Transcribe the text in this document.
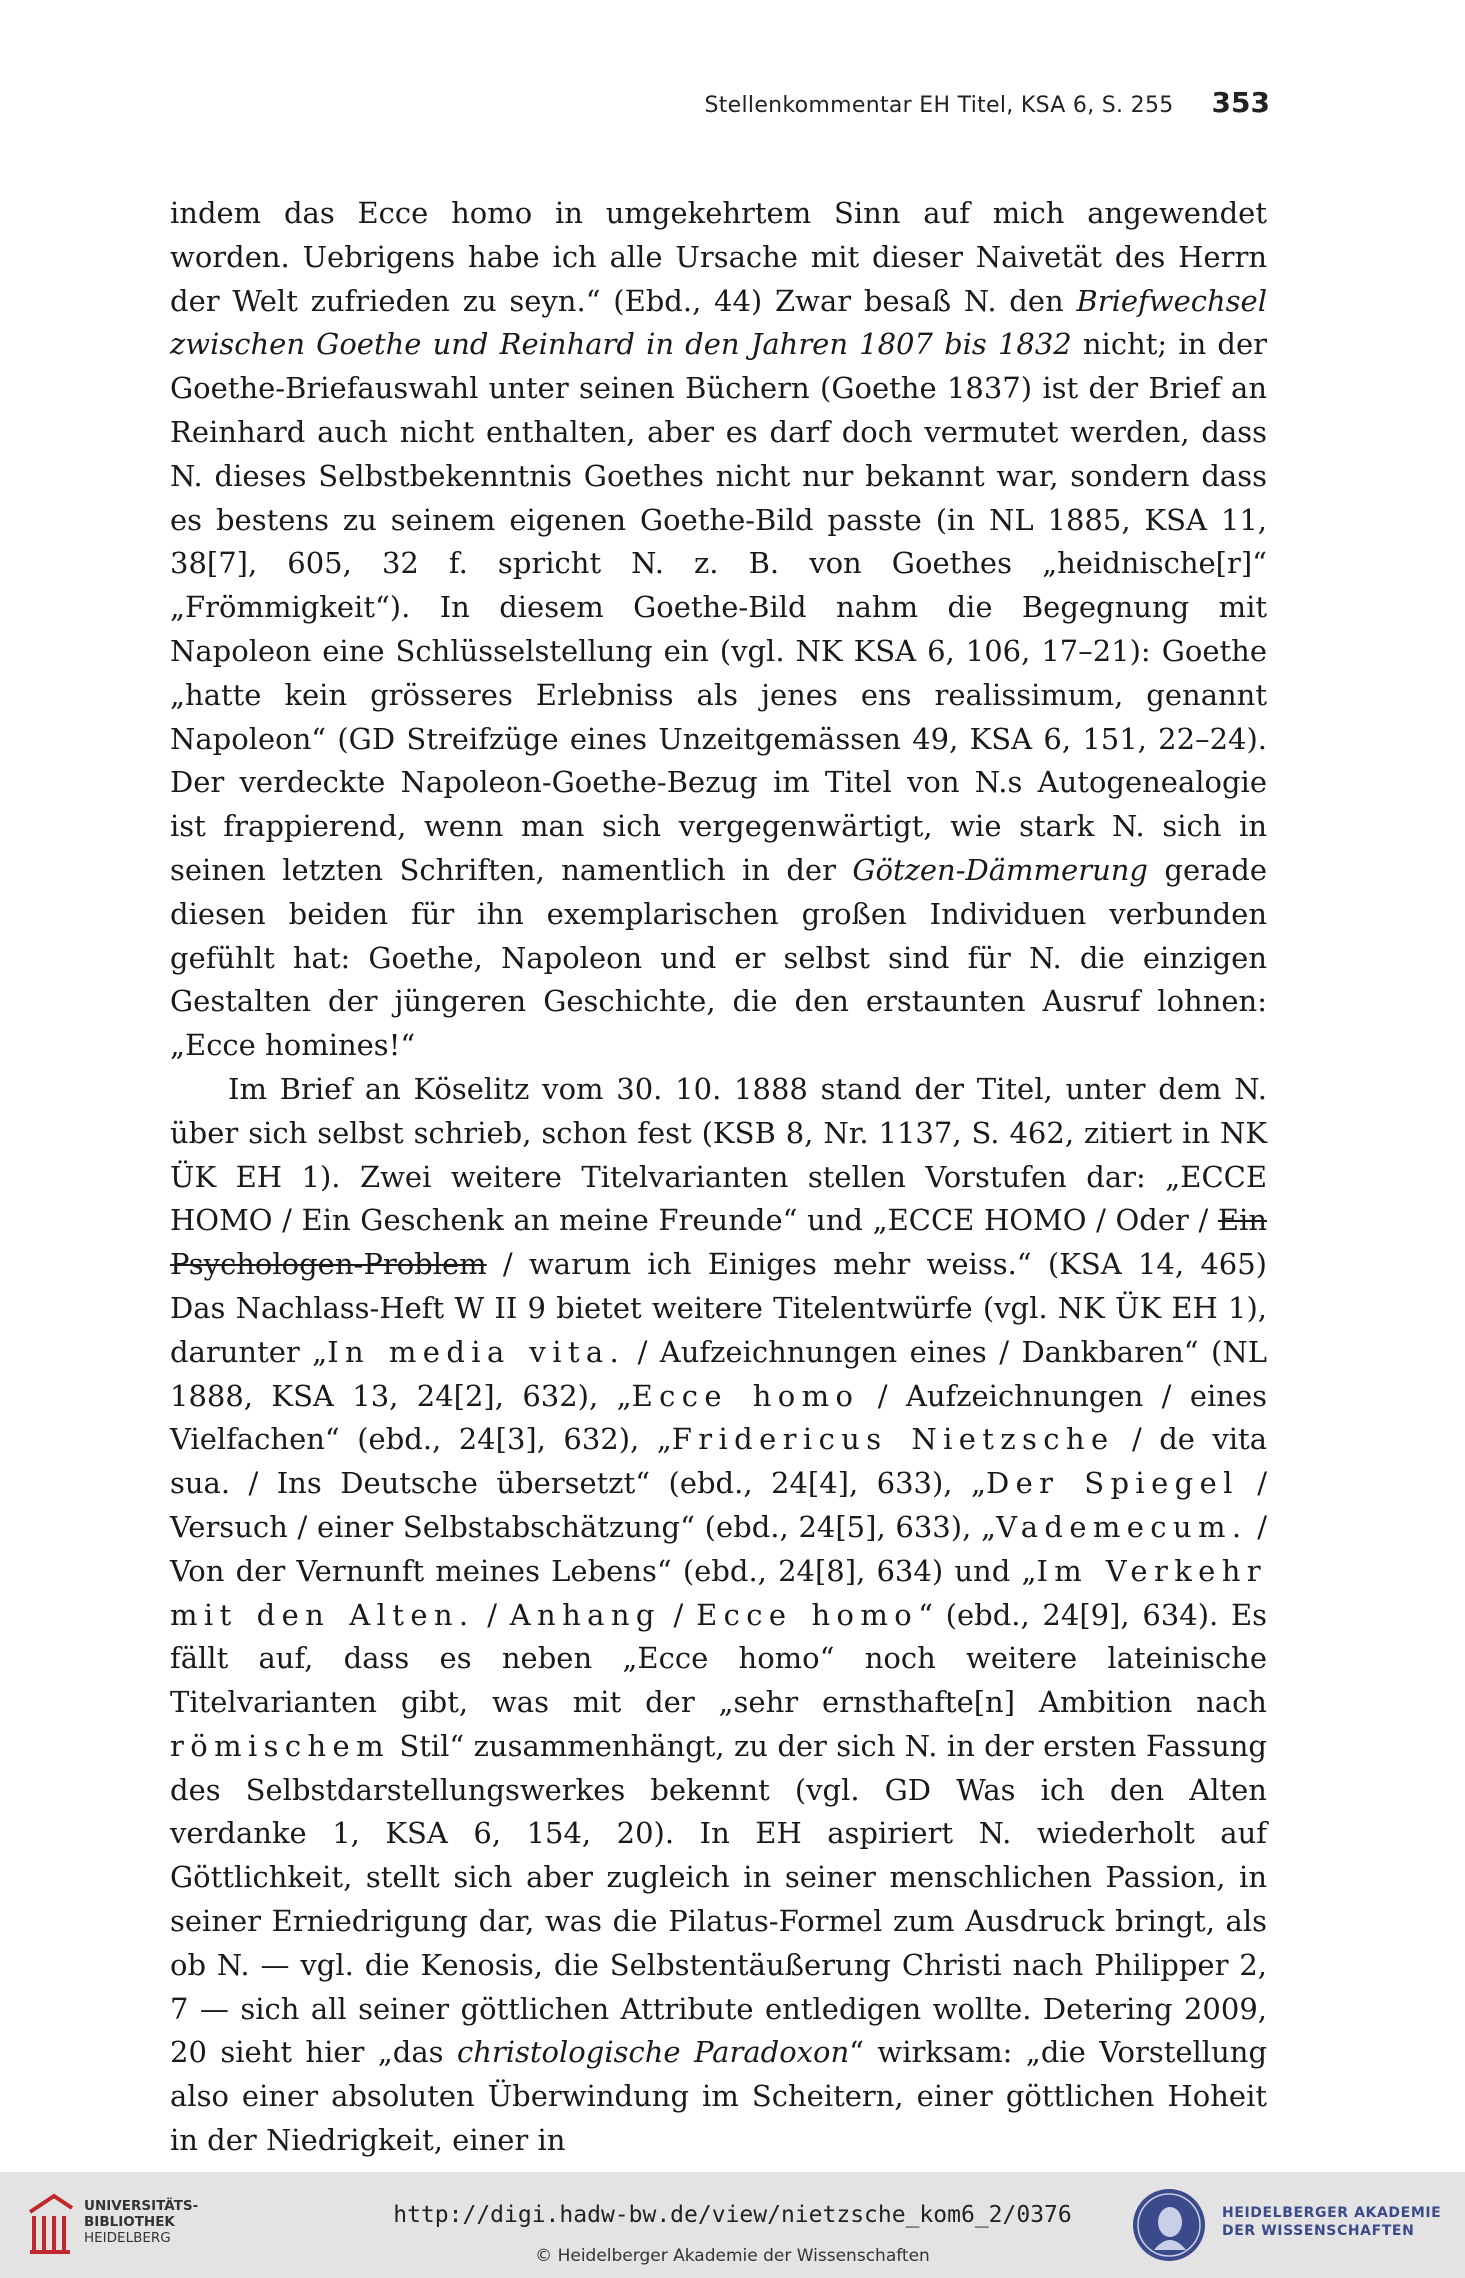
Stellenkommentar EH Titel, KSA 6, S. 255 353

indem das Ecce homo in umgekehrtem Sinn auf mich angewendet worden. Uebrigens habe ich alle Ursache mit dieser Naivetät des Herrn der Welt zufrieden zu seyn.“ (Ebd., 44) Zwar besaß N. den Briefwechsel zwischen Goethe und Reinhard in den Jahren 1807 bis 1832 nicht; in der Goethe-Briefauswahl unter seinen Büchern (Goethe 1837) ist der Brief an Reinhard auch nicht enthalten, aber es darf doch vermutet werden, dass N. dieses Selbstbekenntnis Goethes nicht nur bekannt war, sondern dass es bestens zu seinem eigenen Goethe-Bild passte (in NL 1885, KSA 11, 38[7], 605, 32 f. spricht N. z. B. von Goethes „heidnische[r]“ „Frömmigkeit“). In diesem Goethe-Bild nahm die Begegnung mit Napoleon eine Schlüsselstellung ein (vgl. NK KSA 6, 106, 17–21): Goethe „hatte kein grösseres Erlebniss als jenes ens realissimum, genannt Napoleon“ (GD Streifzüge eines Unzeitgemässen 49, KSA 6, 151, 22–24). Der verdeckte Napoleon-Goethe-Bezug im Titel von N.s Autogenealogie ist frappierend, wenn man sich vergegenwärtigt, wie stark N. sich in seinen letzten Schriften, namentlich in der Götzen-Dämmerung gerade diesen beiden für ihn exemplarischen großen Individuen verbunden gefühlt hat: Goethe, Napoleon und er selbst sind für N. die einzigen Gestalten der jüngeren Geschichte, die den erstaunten Ausruf lohnen: „Ecce homines!“

Im Brief an Köselitz vom 30. 10. 1888 stand der Titel, unter dem N. über sich selbst schrieb, schon fest (KSB 8, Nr. 1137, S. 462, zitiert in NK ÜK EH 1). Zwei weitere Titelvarianten stellen Vorstufen dar: „ECCE HOMO / Ein Geschenk an meine Freunde“ und „ECCE HOMO / Oder / Ein Psychologen-Problem / warum ich Einiges mehr weiss.“ (KSA 14, 465) Das Nachlass-Heft W II 9 bietet weitere Titelentwürfe (vgl. NK ÜK EH 1), darunter „In media vita. / Aufzeichnungen eines / Dankbaren“ (NL 1888, KSA 13, 24[2], 632), „Ecce homo / Aufzeichnungen / eines Vielfachen“ (ebd., 24[3], 632), „Fridericus Nietzsche / de vita sua. / Ins Deutsche übersetzt“ (ebd., 24[4], 633), „Der Spiegel / Versuch / einer Selbstabschätzung“ (ebd., 24[5], 633), „Vademecum. / Von der Vernunft meines Lebens“ (ebd., 24[8], 634) und „Im Verkehr mit den Alten. / Anhang / Ecce homo“ (ebd., 24[9], 634). Es fällt auf, dass es neben „Ecce homo“ noch weitere lateinische Titelvarianten gibt, was mit der „sehr ernsthafte[n] Ambition nach römischem Stil“ zusammenhängt, zu der sich N. in der ersten Fassung des Selbstdarstellungswerkes bekennt (vgl. GD Was ich den Alten verdanke 1, KSA 6, 154, 20). In EH aspiriert N. wiederholt auf Göttlichkeit, stellt sich aber zugleich in seiner menschlichen Passion, in seiner Erniedrigung dar, was die Pilatus-Formel zum Ausdruck bringt, als ob N. — vgl. die Kenosis, die Selbstentäußerung Christi nach Philipper 2, 7 — sich all seiner göttlichen Attribute entledigen wollte. Detering 2009, 20 sieht hier „das christologische Paradoxon“ wirksam: „die Vorstellung also einer absoluten Überwindung im Scheitern, einer göttlichen Hoheit in der Niedrigkeit, einer in

UNIVERSITÄTS-
BIBLIOTHEK
HEIDELBERG
http://digi.hadw-bw.de/view/nietzsche_kom6_2/0376
© Heidelberger Akademie der Wissenschaften
HEIDELBERGER AKADEMIE
DER WISSENSCHAFTEN
